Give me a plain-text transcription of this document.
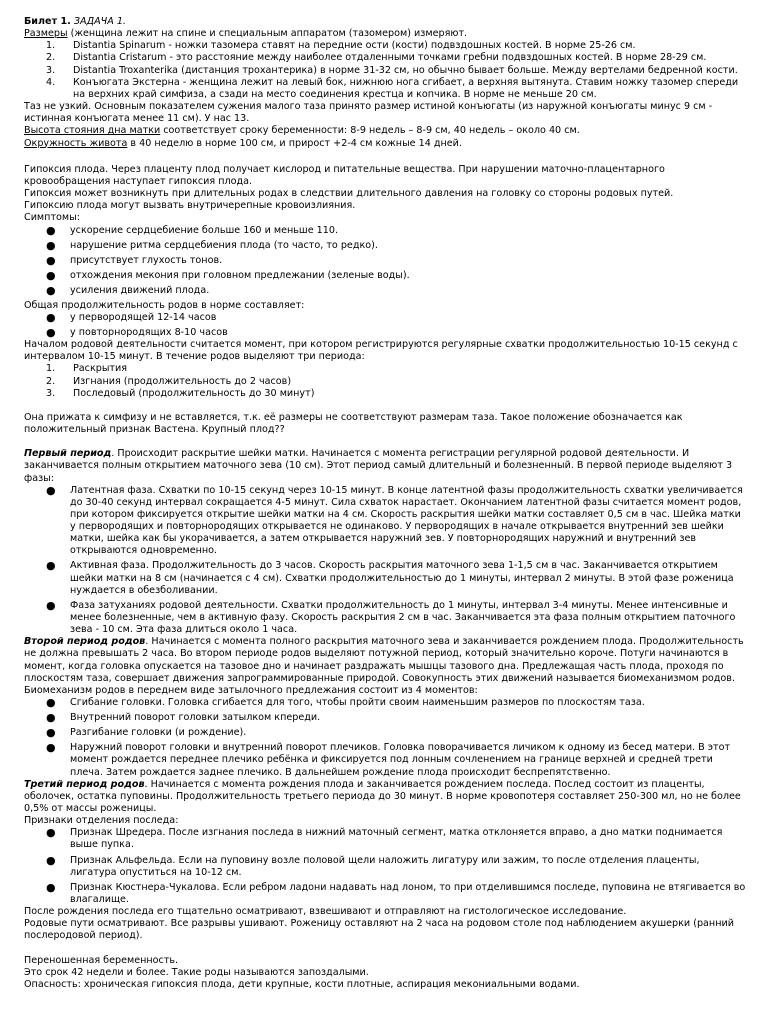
Билет 1. ЗАДАЧА 1.

Размеры (женщина лежит на спине и специальным аппаратом (тазомером) измеряют.

1. Distantia Spinarum - ножки тазомера ставят на передние ости (кости) подвздошных костей. В норме 25-26 см.
2. Distantia Cristarum - это расстояние между наиболее отдаленными точками гребни подвздошных костей. В норме 28-29 см.
3. Distantia Troxanterika (дистанция трохантерика) в норме 31-32 см, но обычно бывает больше. Между вертелами бедренной кости.
4. Конъюгата Экстерна - женщина лежит на левый бок, нижнюю нога сгибает, а верхняя вытянута. Ставим ножку тазомер спереди на верхних край симфиза, а сзади на место соединения крестца и копчика. В норме не меньше 20 см.

Таз не узкий. Основным показателем сужения малого таза принято размер истиной конъюгаты (из наружной конъюгаты минус 9 см - истинная конъюгата менее 11 см). У нас 13.

Высота стояния дна матки соответствует сроку беременности: 8-9 недель – 8-9 см, 40 недель – около 40 см.

Окружность живота в 40 неделю в норме 100 см, и прирост +2-4 см кожные 14 дней.

Гипоксия плода. Через плаценту плод получает кислород и питательные вещества. При нарушении маточно-плацентарного кровообращения наступает гипоксия плода.

Гипоксия может возникнуть при длительных родах в следствии длительного давления на головку со стороны родовых путей.

Гипоксию плода могут вызвать внутричерепные кровоизлияния.

Симптомы:

● ускорение сердцебиение больше 160 и меньше 110.
● нарушение ритма сердцебиения плода (то часто, то редко).
● присутствует глухость тонов.
● отхождения мекония при головном предлежании (зеленые воды).
● усиления движений плода.

Общая продолжительность родов в норме составляет:

● у первородящей 12-14 часов
● у повторнородящих 8-10 часов

Началом родовой деятельности считается момент, при котором регистрируются регулярные схватки продолжительностью 10-15 секунд с интервалом 10-15 минут. В течение родов выделяют три периода:

1. Раскрытия
2. Изгнания (продолжительность до 2 часов)
3. Последовый (продолжительность до 30 минут)

Она прижата к симфизу и не вставляется, т.к. её размеры не соответствуют размерам таза. Такое положение обозначается как положительный признак Вастена. Крупный плод??

Первый период. Происходит раскрытие шейки матки. Начинается с момента регистрации регулярной родовой деятельности. И заканчивается полным открытием маточного зева (10 см). Этот период самый длительный и болезненный. В первой периоде выделяют 3 фазы:

● Латентная фаза. Схватки по 10-15 секунд через 10-15 минут. В конце латентной фазы продолжительность схватки увеличивается до 30-40 секунд интервал сокращается 4-5 минут. Сила схваток нарастает. Окончанием латентной фазы считается момент родов, при котором фиксируется открытие шейки матки на 4 см. Скорость раскрытия шейки матки составляет 0,5 см в час. Шейка матки у первородящих и повторнородящих открывается не одинаково. У первородящих в начале открывается внутренний зев шейки матки, шейка как бы укорачивается, а затем открывается наружний зев. У повторнородящих наружний и внутренний зев открываются одновременно.
● Активная фаза. Продолжительность до 3 часов. Скорость раскрытия маточного зева 1-1,5 см в час. Заканчивается открытием шейки матки на 8 см (начинается с 4 см). Схватки продолжительностью до 1 минуты, интервал 2 минуты. В этой фазе роженица нуждается в обезболивании.
● Фаза затуханиях родовой деятельности. Схватки продолжительность до 1 минуты, интервал 3-4 минуты. Менее интенсивные и менее болезненные, чем в активную фазу. Скорость раскрытия 2 см в час. Заканчивается эта фаза полным открытием паточного зева - 10 см. Эта фаза длиться около 1 часа.

Второй период родов. Начинается с момента полного раскрытия маточного зева и заканчивается рождением плода. Продолжительность не должна превышать 2 часа. Во втором периоде родов выделяют потужной период, который значительно короче. Потуги начинаются в момент, когда головка опускается на тазовое дно и начинает раздражать мышцы тазового дна. Предлежащая часть плода, проходя по плоскостям таза, совершает движения запрограммированные природой. Совокупность этих движений называется биомеханизмом родов. Биомеханизм родов в переднем виде затылочного предлежания состоит из 4 моментов:

● Сгибание головки. Головка сгибается для того, чтобы пройти своим наименьшим размеров по плоскостям таза.
● Внутренний поворот головки затылком кпереди.
● Разгибание головки (и рождение).
● Наружний поворот головки и внутренний поворот плечиков. Головка поворачивается личиком к одному из бесед матери. В этот момент рождается переднее плечико ребёнка и фиксируется под лонным сочленением на границе верхней и средней трети плеча. Затем рождается заднее плечико. В дальнейшем рождение плода происходит беспрепятственно.

Третий период родов. Начинается с момента рождения плода и заканчивается рождением последа. Послед состоит из плаценты, оболочек, остатка пуповины. Продолжительность третьего периода до 30 минут. В норме кровопотеря составляет 250-300 мл, но не более 0,5% от массы роженицы.

Признаки отделения последа:

● Признак Шредера. После изгнания последа в нижний маточный сегмент, матка отклоняется вправо, а дно матки поднимается выше пупка.
● Признак Альфельда. Если на пуповину возле половой щели наложить лигатуру или зажим, то после отделения плаценты, лигатура опуститься на 10-12 см.
● Признак Кюстнера-Чукалова. Если ребром ладони надавать над лоном, то при отделившимся последе, пуповина не втягивается во влагалище.

После рождения последа его тщательно осматривают, взвешивают и отправляют на гистологическое исследование.

Родовые пути осматривают. Все разрывы ушивают. Роженицу оставляют на 2 часа на родовом столе под наблюдением акушерки (ранний послеродовой период).

Переношенная беременность.

Это срок 42 недели и более. Такие роды называются запоздалыми.

Опасность: хроническая гипоксия плода, дети крупные, кости плотные, аспирация мекониальными водами.
